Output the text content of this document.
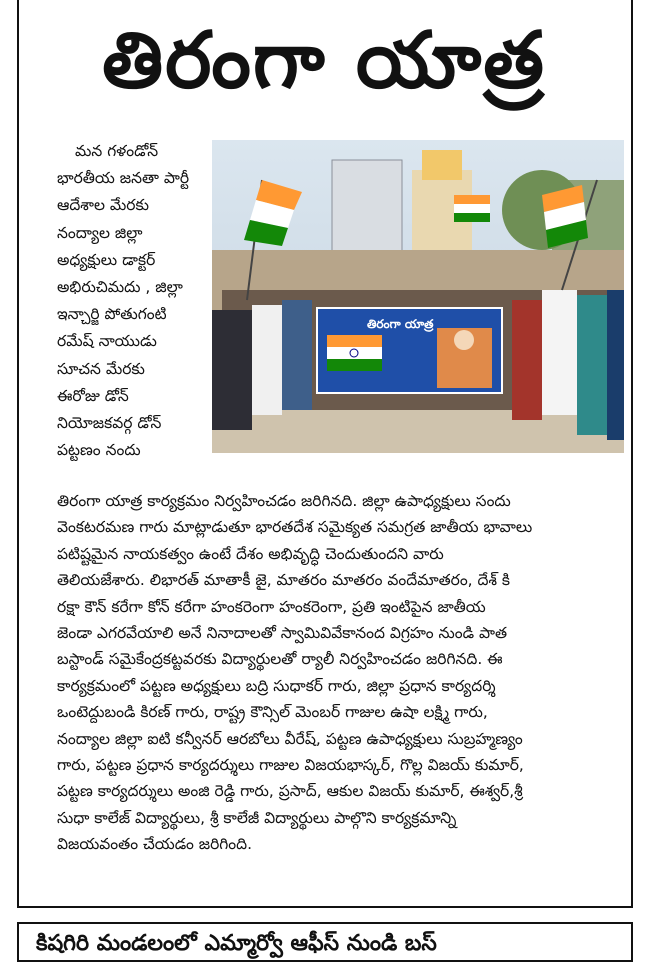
తిరంగా యాత్ర
మన గళండోన్
భారతీయ జనతా పార్టీ
ఆదేశాల మేరకు
నంద్యాల జిల్లా
అధ్యక్షులు డాక్టర్
అభిరుచిమదు , జిల్లా
ఇన్చార్జి పోతుగంటి
రమేష్ నాయుడు
సూచన మేరకు
ఈరోజు డోన్
నియోజకవర్గ డోన్
పట్టణం నందు
తిరంగా యాత్ర
తిరంగా యాత్ర కార్యక్రమం నిర్వహించడం జరిగినది. జిల్లా ఉపాధ్యక్షులు సందు
వెంకటరమణ గారు మాట్లాడుతూ భారతదేశ సమైక్యత సమగ్రత జాతీయ భావాలు
పటిష్టమైన నాయకత్వం ఉంటే దేశం అభివృద్ధి చెందుతుందని వారు
తెలియజేశారు. లిభారత్ మాతాకీ జై, మాతరం మాతరం వందేమాతరం, దేశ్ కి
రక్షా కౌన్ కరేగా కోన్ కరేగా హంకరెంగా హంకరెంగా, ప్రతి ఇంటిపైన జాతీయ
జెండా ఎగరవేయాలి అనే నినాదాలతో స్వామివివేకానంద విగ్రహం నుండి పాత
బస్టాండ్ సమైకేంద్రకట్టవరకు విద్యార్థులతో ర్యాలీ నిర్వహించడం జరిగినది. ఈ
కార్యక్రమంలో పట్టణ అధ్యక్షులు బద్రి సుధాకర్ గారు, జిల్లా ప్రధాన కార్యదర్శి
ఒంటెద్దుబండి కిరణ్ గారు, రాష్ట్ర కౌన్సిల్ మెంబర్ గాజుల ఉషా లక్ష్మి గారు,
నంద్యాల జిల్లా ఐటి కన్వీనర్ ఆరబోలు వీరేష్, పట్టణ ఉపాధ్యక్షులు సుబ్రహ్మణ్యం
గారు, పట్టణ ప్రధాన కార్యదర్శులు గాజుల విజయభాస్కర్, గొల్ల విజయ్ కుమార్,
పట్టణ కార్యదర్శులు అంజి రెడ్డి గారు, ప్రసాద్, ఆకుల విజయ్ కుమార్, ఈశ్వర్,శ్రీ
సుధా కాలేజ్ విద్యార్థులు, శ్రీ కాలేజీ విద్యార్థులు పాల్గొని కార్యక్రమాన్ని
విజయవంతం చేయడం జరిగింది.
కిషగిరి మండలంలో ఎమ్మార్వో ఆఫీస్ నుండి బస్
